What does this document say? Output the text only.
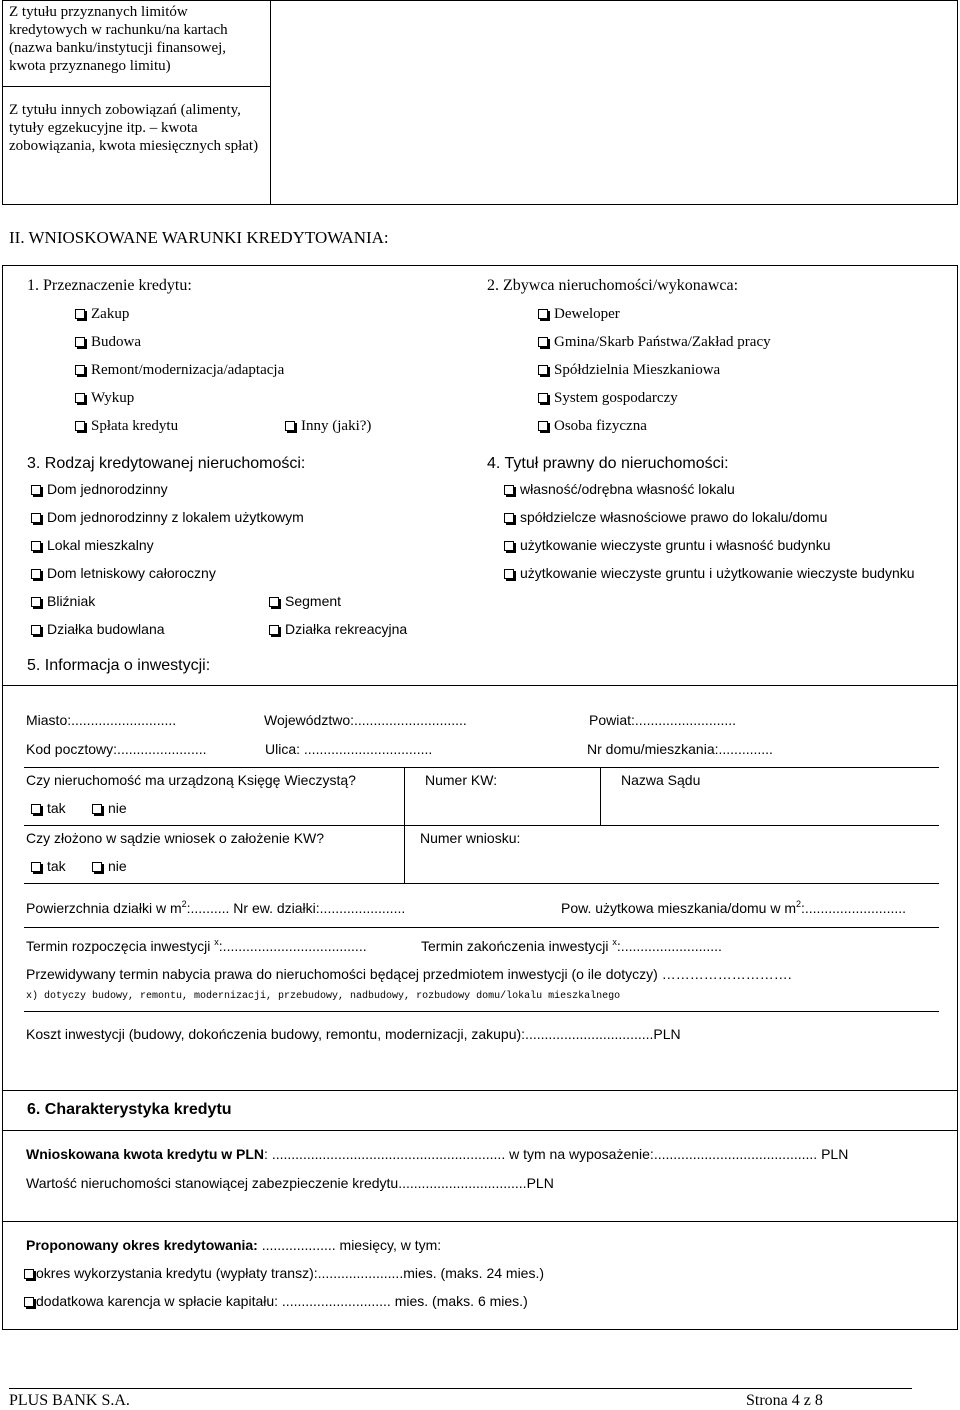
Z tytułu przyznanych limitów kredytowych w rachunku/na kartach (nazwa banku/instytucji finansowej, kwota przyznanego limitu)
Z tytułu innych zobowiązań (alimenty, tytuły egzekucyjne itp. – kwota zobowiązania, kwota miesięcznych spłat)
II. WNIOSKOWANE WARUNKI KREDYTOWANIA:
1. Przeznaczenie kredytu:
Zakup
Budowa
Remont/modernizacja/adaptacja
Wykup
Spłata kredytu	Inny (jaki?)
2. Zbywca nieruchomości/wykonawca:
Deweloper
Gmina/Skarb Państwa/Zakład pracy
Spółdzielnia Mieszkaniowa
System gospodarczy
Osoba fizyczna
3. Rodzaj kredytowanej nieruchomości:
Dom jednorodzinny
Dom jednorodzinny z lokalem użytkowym
Lokal mieszkalny
Dom letniskowy całoroczny
Bliźniak	Segment
Działka budowlana	Działka rekreacyjna
4. Tytuł prawny do nieruchomości:
własność/odrębna własność lokalu
spółdzielcze własnościowe prawo do lokalu/domu
użytkowanie wieczyste gruntu i własność budynku
użytkowanie wieczyste gruntu i użytkowanie wieczyste budynku
5. Informacja o inwestycji:
Miasto:...........................	Województwo:.............................	Powiat:..........................
Kod pocztowy:.......................	Ulica: .................................	Nr domu/mieszkania:..............
Czy nieruchomość ma urządzoną Księgę Wieczystą?	Numer KW:	Nazwa Sądu
tak	nie
Czy złożono w sądzie wniosek o założenie KW?	Numer wniosku:
tak	nie
Powierzchnia działki w $m^2$:.......... Nr ew. działki:......................	Pow. użytkowa mieszkania/domu w $m^2$:..........................
Termin rozpoczęcia inwestycji $^x$:.....................................	Termin zakończenia inwestycji $^x$:..........................
Przewidywany termin nabycia prawa do nieruchomości będącej przedmiotem inwestycji (o ile dotyczy) ……………………….
x) dotyczy budowy, remontu, modernizacji, przebudowy, nadbudowy, rozbudowy domu/lokalu mieszkalnego
Koszt inwestycji (budowy, dokończenia budowy, remontu, modernizacji, zakupu):.................................PLN
6. Charakterystyka kredytu
Wnioskowana kwota kredytu w PLN: ............................................................ w tym na wyposażenie:.......................................... PLN
Wartość nieruchomości stanowiącej zabezpieczenie kredytu.................................PLN
Proponowany okres kredytowania: ................... miesięcy, w tym:
okres wykorzystania kredytu (wypłaty transz):......................mies. (maks. 24 mies.)
dodatkowa karencja w spłacie kapitału: ............................ mies. (maks. 6 mies.)
PLUS BANK S.A.	Strona 4 z 8
